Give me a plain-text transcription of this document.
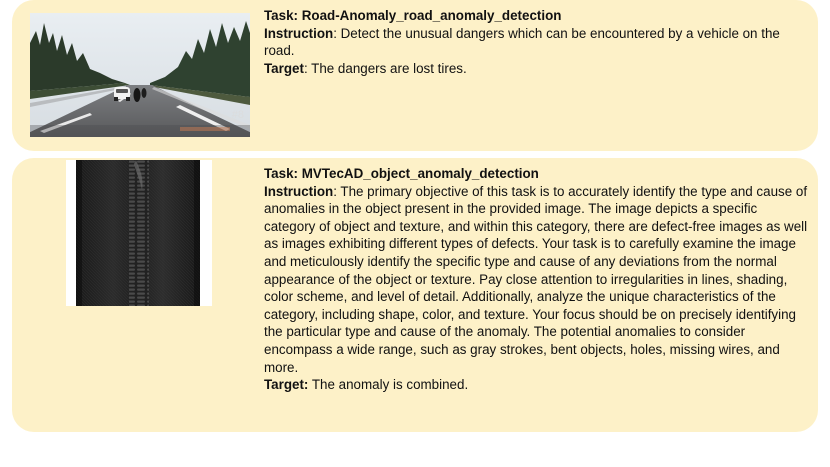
#8

Task: Road-Anomaly_road_anomaly_detection

Instruction: Detect the unusual dangers which can be encountered by a vehicle on the road.

Target: The dangers are lost tires.

Task: MVTecAD_object_anomaly_detection

Instruction: The primary objective of this task is to accurately identify the type and cause of anomalies in the object present in the provided image. The image depicts a specific category of object and texture, and within this category, there are defect-free images as well as images exhibiting different types of defects. Your task is to carefully examine the image and meticulously identify the specific type and cause of any deviations from the normal appearance of the object or texture. Pay close attention to irregularities in lines, shading, color scheme, and level of detail. Additionally, analyze the unique characteristics of the category, including shape, color, and texture. Your focus should be on precisely identifying the particular type and cause of the anomaly. The potential anomalies to consider encompass a wide range, such as gray strokes, bent objects, holes, missing wires, and more.

Target: The anomaly is combined.
